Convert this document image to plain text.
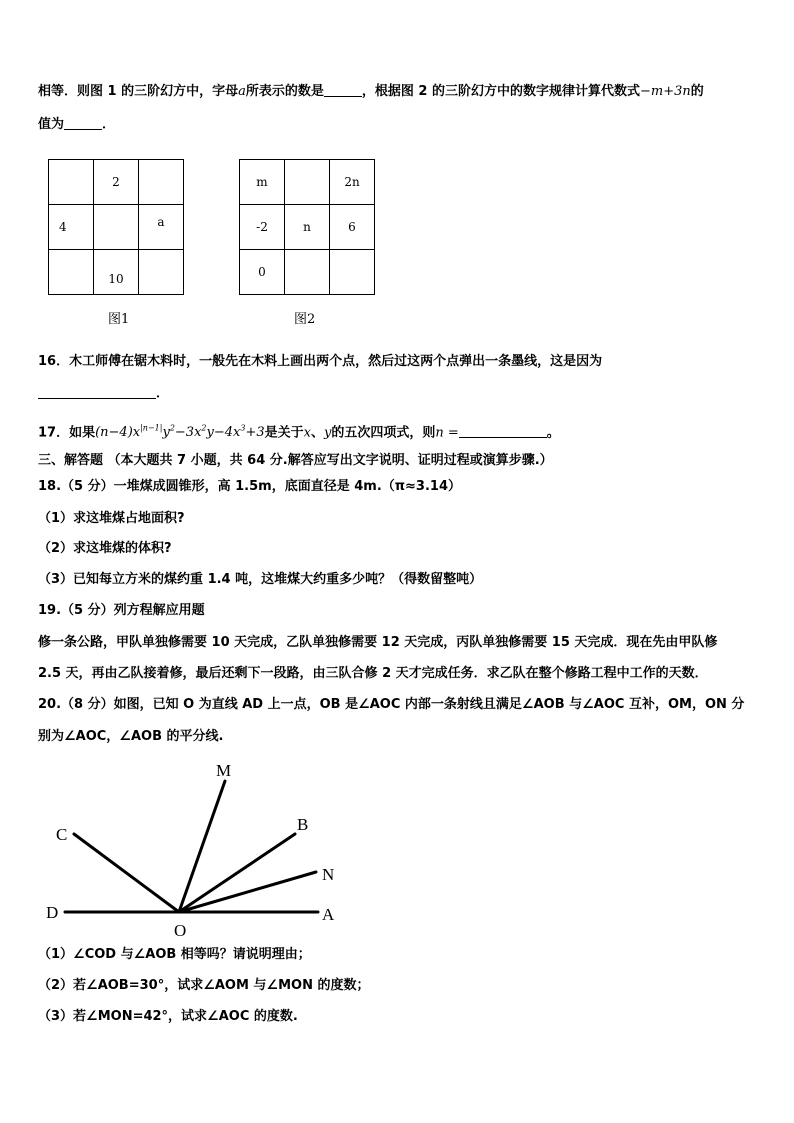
相等．则图 1 的三阶幻方中，字母a所表示的数是	，根据图 2 的三阶幻方中的数字规律计算代数式−m+3n的
值为	．
	2	
4		a
	10	
图1
m		2n
-2	n	6
0		
图2
16．木工师傅在锯木料时，一般先在木料上画出两个点，然后过这两个点弹出一条墨线，这是因为
．
17．如果$(n-4)x^{|n-1|}y^2-3x^2y-4x^3+3$是关于x、y的五次四项式，则n =	。
三、解答题 （本大题共 7 小题，共 64 分.解答应写出文字说明、证明过程或演算步骤.）
18.（5 分）一堆煤成圆锥形，高 1.5m，底面直径是 4m.（π≈3.14）
（1）求这堆煤占地面积?
（2）求这堆煤的体积?
（3）已知每立方米的煤约重 1.4 吨，这堆煤大约重多少吨？（得数留整吨）
19.（5 分）列方程解应用题
修一条公路，甲队单独修需要 10 天完成，乙队单独修需要 12 天完成，丙队单独修需要 15 天完成．现在先由甲队修
2.5 天，再由乙队接着修，最后还剩下一段路，由三队合修 2 天才完成任务．求乙队在整个修路工程中工作的天数．
20.（8 分）如图，已知 O 为直线 AD 上一点，OB 是∠AOC 内部一条射线且满足∠AOB 与∠AOC 互补，OM，ON 分
别为∠AOC，∠AOB 的平分线.
M
B
C
N
D	A
O
（1）∠COD 与∠AOB 相等吗？请说明理由；
（2）若∠AOB=30°，试求∠AOM 与∠MON 的度数；
（3）若∠MON=42°，试求∠AOC 的度数.
